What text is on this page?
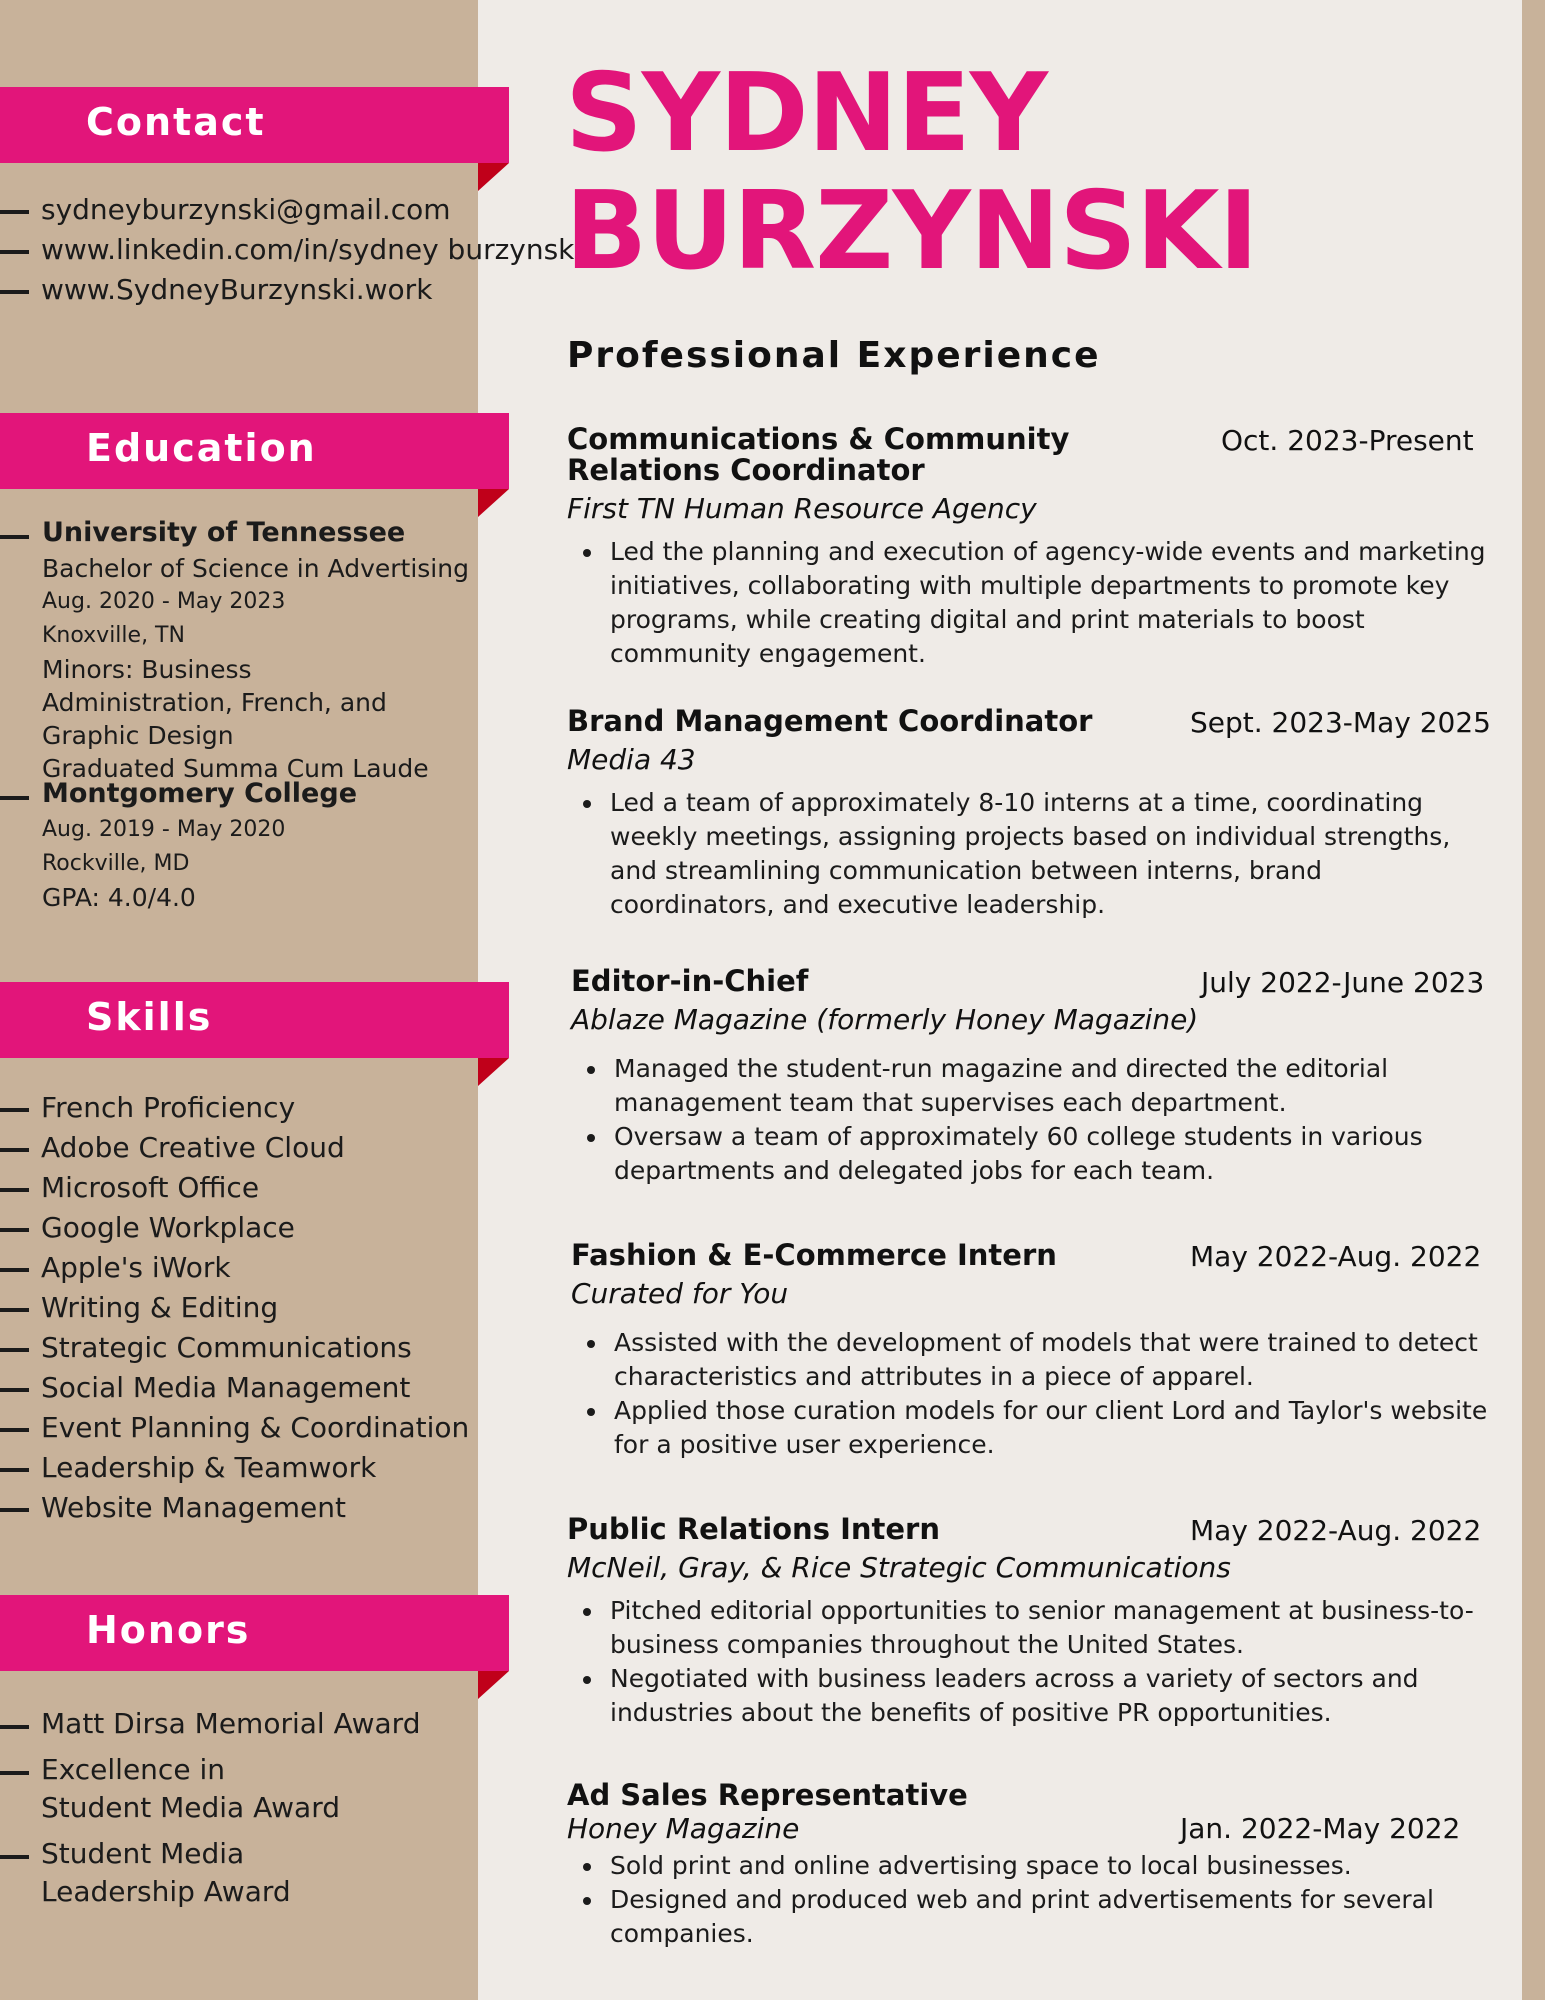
Contact
sydneyburzynski@gmail.com
www.linkedin.com/in/sydney burzynski
www.SydneyBurzynski.work
Education
University of Tennessee
Bachelor of Science in Advertising
Aug. 2020 - May 2023
Knoxville, TN
Minors: Business Administration, French, and Graphic Design
Graduated Summa Cum Laude
Montgomery College
Aug. 2019 - May 2020
Rockville, MD
GPA: 4.0/4.0
Skills
French Proficiency
Adobe Creative Cloud
Microsoft Office
Google Workplace
Apple's iWork
Writing & Editing
Strategic Communications
Social Media Management
Event Planning & Coordination
Leadership & Teamwork
Website Management
Honors
Matt Dirsa Memorial Award
Excellence in Student Media Award
Student Media Leadership Award
SYDNEY
BURZYNSKI
Professional Experience
Communications & Community Relations Coordinator
Oct. 2023-Present
First TN Human Resource Agency
Led the planning and execution of agency-wide events and marketing initiatives, collaborating with multiple departments to promote key programs, while creating digital and print materials to boost community engagement.
Brand Management Coordinator	Sept. 2023-May 2025
Media 43
Led a team of approximately 8-10 interns at a time, coordinating weekly meetings, assigning projects based on individual strengths, and streamlining communication between interns, brand coordinators, and executive leadership.
Editor-in-Chief	July 2022-June 2023
Ablaze Magazine (formerly Honey Magazine)
Managed the student-run magazine and directed the editorial management team that supervises each department.
Oversaw a team of approximately 60 college students in various departments and delegated jobs for each team.
Fashion & E-Commerce Intern	May 2022-Aug. 2022
Curated for You
Assisted with the development of models that were trained to detect characteristics and attributes in a piece of apparel.
Applied those curation models for our client Lord and Taylor's website for a positive user experience.
Public Relations Intern	May 2022-Aug. 2022
McNeil, Gray, & Rice Strategic Communications
Pitched editorial opportunities to senior management at business-to-business companies throughout the United States.
Negotiated with business leaders across a variety of sectors and industries about the benefits of positive PR opportunities.
Ad Sales Representative
Jan. 2022-May 2022
Honey Magazine
Sold print and online advertising space to local businesses.
Designed and produced web and print advertisements for several companies.
